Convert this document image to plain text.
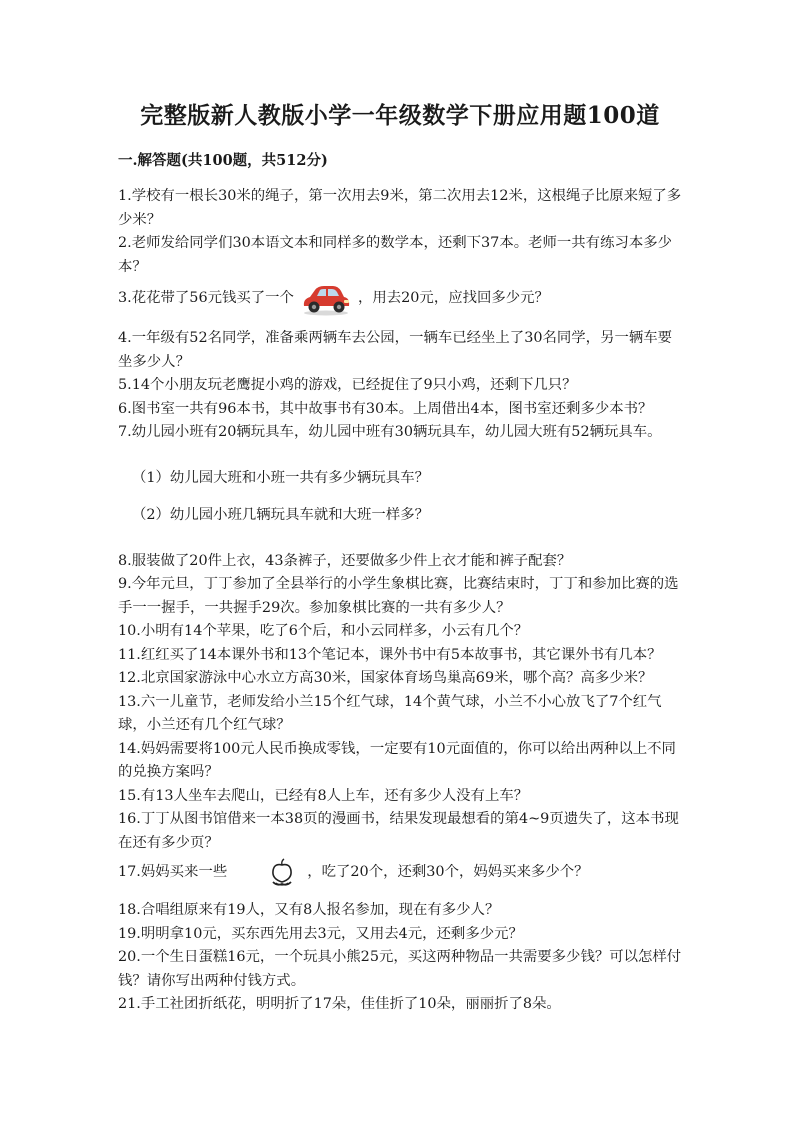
完整版新人教版小学一年级数学下册应用题100道
一.解答题(共100题，共512分)

1.学校有一根长30米的绳子，第一次用去9米，第二次用去12米，这根绳子比原来短了多少米？

2.老师发给同学们30本语文本和同样多的数学本，还剩下37本。老师一共有练习本多少本？

3.花花带了56元钱买了一个	，用去20元，应找回多少元？

4.一年级有52名同学，准备乘两辆车去公园，一辆车已经坐上了30名同学，另一辆车要坐多少人？

5.14个小朋友玩老鹰捉小鸡的游戏，已经捉住了9只小鸡，还剩下几只？

6.图书室一共有96本书，其中故事书有30本。上周借出4本，图书室还剩多少本书？

7.幼儿园小班有20辆玩具车，幼儿园中班有30辆玩具车，幼儿园大班有52辆玩具车。

（1）幼儿园大班和小班一共有多少辆玩具车？

（2）幼儿园小班几辆玩具车就和大班一样多？

8.服装做了20件上衣，43条裤子，还要做多少件上衣才能和裤子配套？

9.今年元旦，丁丁参加了全县举行的小学生象棋比赛，比赛结束时，丁丁和参加比赛的选手一一握手，一共握手29次。参加象棋比赛的一共有多少人？

10.小明有14个苹果，吃了6个后，和小云同样多，小云有几个？

11.红红买了14本课外书和13个笔记本，课外书中有5本故事书，其它课外书有几本？

12.北京国家游泳中心水立方高30米，国家体育场鸟巢高69米，哪个高？高多少米？

13.六一儿童节，老师发给小兰15个红气球，14个黄气球，小兰不小心放飞了7个红气球，小兰还有几个红气球？

14.妈妈需要将100元人民币换成零钱，一定要有10元面值的，你可以给出两种以上不同的兑换方案吗？

15.有13人坐车去爬山，已经有8人上车，还有多少人没有上车？

16.丁丁从图书馆借来一本38页的漫画书，结果发现最想看的第4~9页遗失了，这本书现在还有多少页？

17.妈妈买来一些	，吃了20个，还剩30个，妈妈买来多少个？

18.合唱组原来有19人，又有8人报名参加，现在有多少人？

19.明明拿10元，买东西先用去3元，又用去4元，还剩多少元？

20.一个生日蛋糕16元，一个玩具小熊25元，买这两种物品一共需要多少钱？可以怎样付钱？请你写出两种付钱方式。

21.手工社团折纸花，明明折了17朵，佳佳折了10朵，丽丽折了8朵。
